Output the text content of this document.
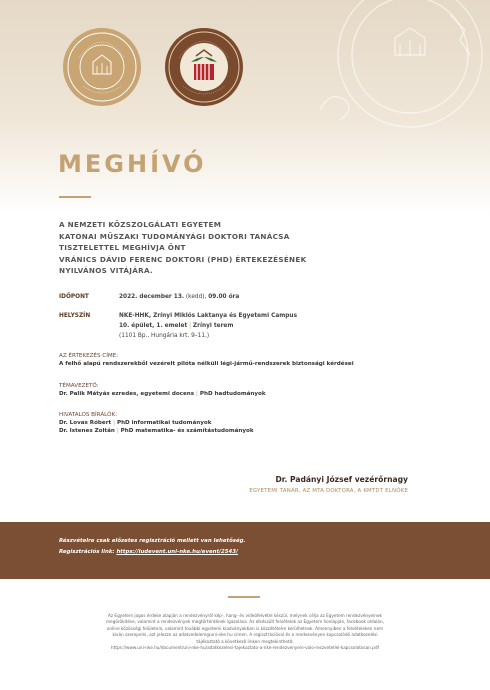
MEGHÍVÓ
A NEMZETI KÖZSZOLGÁLATI EGYETEM
KATONAI MŰSZAKI TUDOMÁNYÁGI DOKTORI TANÁCSA
TISZTELETTEL MEGHÍVJA ÖNT
VRÁNICS DÁVID FERENC DOKTORI (PHD) ÉRTEKEZÉSÉNEK
NYILVÁNOS VITÁJÁRA.
IDŐPONT	2022. december 13. (kedd), 09.00 óra
HELYSZÍN	NKE-HHK, Zrínyi Miklós Laktanya és Egyetemi Campus
10. épület, 1. emelet | Zrínyi terem
(1101 Bp., Hungária krt. 9–11.)
AZ ÉRTEKEZÉS CÍME:
A felhő alapú rendszerekből vezérelt pilóta nélküli légi-jármű-rendszerek biztonsági kérdései
TÉMAVEZETŐ:
Dr. Palik Mátyás ezredes, egyetemi docens | PhD hadtudományok
HIVATALOS BÍRÁLÓK:
Dr. Lovas Róbert | PhD informatikai tudományok
Dr. Istenes Zoltán | PhD matematika- és számítástudományok
Dr. Padányi József vezérőrnagy
EGYETEMI TANÁR, AZ MTA DOKTORA, A KMTDT ELNÖKE
Részvételre csak előzetes regisztráció mellett van lehetőség.
Regisztrációs link: https://ludevent.uni-nke.hu/event/2543/
Az Egyetem jogos érdeke alapján a rendezvényről kép-, hang- és videófelvétel készül, melynek célja az Egyetem rendezvényeinek
megörökítése, valamint a rendezvények megtörténtének igazolása. Az elkészült felvételek az Egyetem honlapján, facebook oldalán,
online közösségi felületein, valamint további egyetemi kiadványokban is közzétételre kerülhetnek. Amennyiben a felvételeken nem
kíván szerepelni, azt jelezze az adatvedelem@uni-nke.hu címen. A regisztrációval és a rendezvényen kapcsolódó adatkezelési
tájékoztató a következő linken megtekinthető:
https://www.uni-nke.hu/document/uni-nke-hu/adatkezelesi-tajekoztato-a-nke-rendezvenyein-valo-reszvetellel-kapcsolatosan.pdf
